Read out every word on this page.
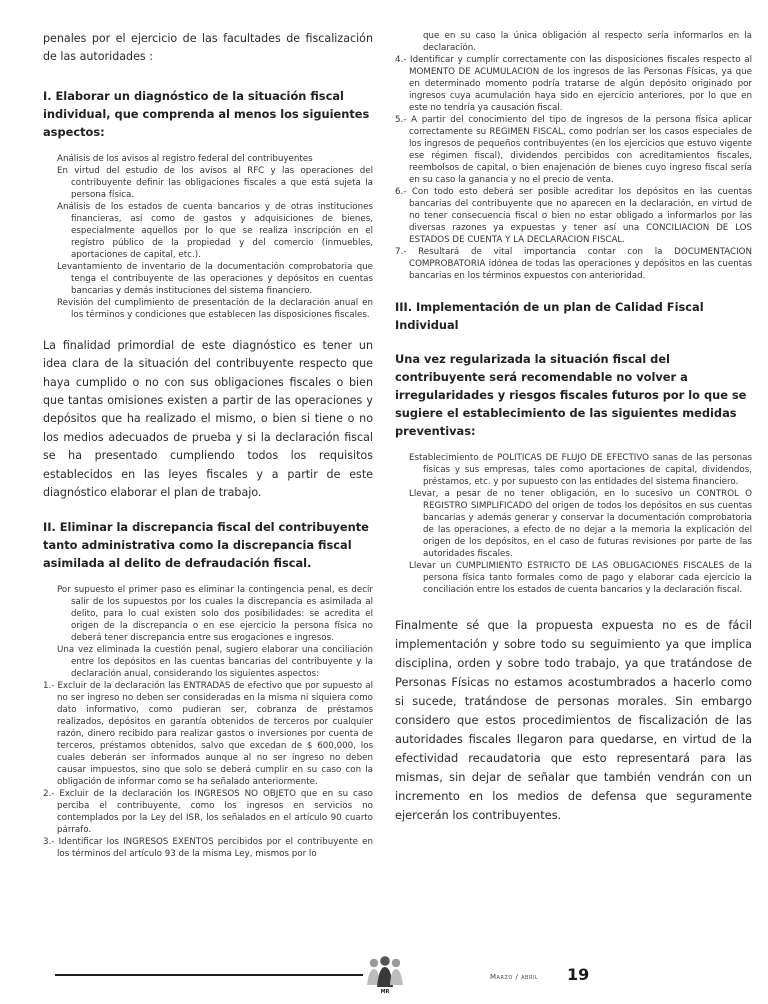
penales por el ejercicio de las facultades de fiscalización de las autoridades :

I. Elaborar un diagnóstico de la situación fiscal individual, que comprenda al menos los siguientes aspectos:

Análisis de los avisos al registro federal del contribuyentes

En virtud del estudio de los avisos al RFC y las operaciones del contribuyente definir las obligaciones fiscales a que está sujeta la persona física.

Análisis de los estados de cuenta bancarios y de otras instituciones financieras, así como de gastos y adquisiciones de bienes, especialmente aquellos por lo que se realiza inscripción en el registro público de la propiedad y del comercio (inmuebles, aportaciones de capital, etc.).

Levantamiento de inventario de la documentación comprobatoria que tenga el contribuyente de las operaciones y depósitos en cuentas bancarias y demás instituciones del sistema financiero.

Revisión del cumplimiento de presentación de la declaración anual en los términos y condiciones que establecen las disposiciones fiscales.

La finalidad primordial de este diagnóstico es tener un idea clara de la situación del contribuyente respecto que haya cumplido o no con sus obligaciones fiscales o bien que tantas omisiones existen a partir de las operaciones y depósitos que ha realizado el mismo, o bien si tiene o no los medios adecuados de prueba y si la declaración fiscal se ha presentado cumpliendo todos los requisitos establecidos en las leyes fiscales y a partir de este diagnóstico elaborar el plan de trabajo.

II. Eliminar la discrepancia fiscal del contribuyente tanto administrativa como la discrepancia fiscal asimilada al delito de defraudación fiscal.

Por supuesto el primer paso es eliminar la contingencia penal, es decir salir de los supuestos por los cuales la discrepancia es asimilada al delito, para lo cual existen solo dos posibilidades: se acredita el origen de la discrepancia o en ese ejercicio la persona física no deberá tener discrepancia entre sus erogaciones e ingresos.

Una vez eliminada la cuestión penal, sugiero elaborar una conciliación entre los depósitos en las cuentas bancarias del contribuyente y la declaración anual, considerando los siguientes aspectos:

1.- Excluir de la declaración las ENTRADAS de efectivo que por supuesto al no ser ingreso no deben ser consideradas en la misma ni siquiera como dato informativo, como pudieran ser, cobranza de préstamos realizados, depósitos en garantía obtenidos de terceros por cualquier razón, dinero recibido para realizar gastos o inversiones por cuenta de terceros, préstamos obtenidos, salvo que excedan de $ 600,000, los cuales deberán ser informados aunque al no ser ingreso no deben causar impuestos, sino que solo se deberá cumplir en su caso con la obligación de informar como se ha señalado anteriormente.

2.- Excluir de la declaración los INGRESOS NO OBJETO que en su caso perciba el contribuyente, como los ingresos en servicios no contemplados por la Ley del ISR, los señalados en el artículo 90 cuarto párrafo.

3.- Identificar los INGRESOS EXENTOS percibidos por el contribuyente en los términos del artículo 93 de la misma Ley, mismos por lo

que en su caso la única obligación al respecto sería informarlos en la declaración.

4.- Identificar y cumplir correctamente con las disposiciones fiscales respecto al MOMENTO DE ACUMULACION de los ingresos de las Personas Físicas, ya que en determinado momento podría tratarse de algún depósito originado por ingresos cuya acumulación haya sido en ejercicio anteriores, por lo que en este no tendría ya causación fiscal.

5.- A partir del conocimiento del tipo de ingresos de la persona física aplicar correctamente su REGIMEN FISCAL, como podrían ser los casos especiales de los ingresos de pequeños contribuyentes (en los ejercicios que estuvo vigente ese régimen fiscal), dividendos percibidos con acreditamientos fiscales, reembolsos de capital, o bien enajenación de bienes cuyo ingreso fiscal sería en su caso la ganancia y no el precio de venta.

6.- Con todo esto deberá ser posible acreditar los depósitos en las cuentas bancarias del contribuyente que no aparecen en la declaración, en virtud de no tener consecuencia fiscal o bien no estar obligado a informarlos por las diversas razones ya expuestas y tener así una CONCILIACION DE LOS ESTADOS DE CUENTA Y LA DECLARACION FISCAL.

7.- Resultará de vital importancia contar con la DOCUMENTACION COMPROBATORIA idónea de todas las operaciones y depósitos en las cuentas bancarias en los términos expuestos con anterioridad.

III. Implementación de un plan de Calidad Fiscal Individual

Una vez regularizada la situación fiscal del contribuyente será recomendable no volver a irregularidades y riesgos fiscales futuros por lo que se sugiere el establecimiento de las siguientes medidas preventivas:

Establecimiento de POLITICAS DE FLUJO DE EFECTIVO sanas de las personas físicas y sus empresas, tales como aportaciones de capital, dividendos, préstamos, etc. y por supuesto con las entidades del sistema financiero.

Llevar, a pesar de no tener obligación, en lo sucesivo un CONTROL O REGISTRO SIMPLIFICADO del origen de todos los depósitos en sus cuentas bancarias y además generar y conservar la documentación comprobatoria de las operaciones, a efecto de no dejar a la memoria la explicación del origen de los depósitos, en el caso de futuras revisiones por parte de las autoridades fiscales.

Llevar un CUMPLIMIENTO ESTRICTO DE LAS OBLIGACIONES FISCALES de la persona física tanto formales como de pago y elaborar cada ejercicio la conciliación entre los estados de cuenta bancarios y la declaración fiscal.

Finalmente sé que la propuesta expuesta no es de fácil implementación y sobre todo su seguimiento ya que implica disciplina, orden y sobre todo trabajo, ya que tratándose de Personas Físicas no estamos acostumbrados a hacerlo como si sucede, tratándose de personas morales. Sin embargo considero que estos procedimientos de fiscalización de las autoridades fiscales llegaron para quedarse, en virtud de la efectividad recaudatoria que esto representará para las mismas, sin dejar de señalar que también vendrán con un incremento en los medios de defensa que seguramente ejercerán los contribuyentes.

MR
Marzo / abril 19
